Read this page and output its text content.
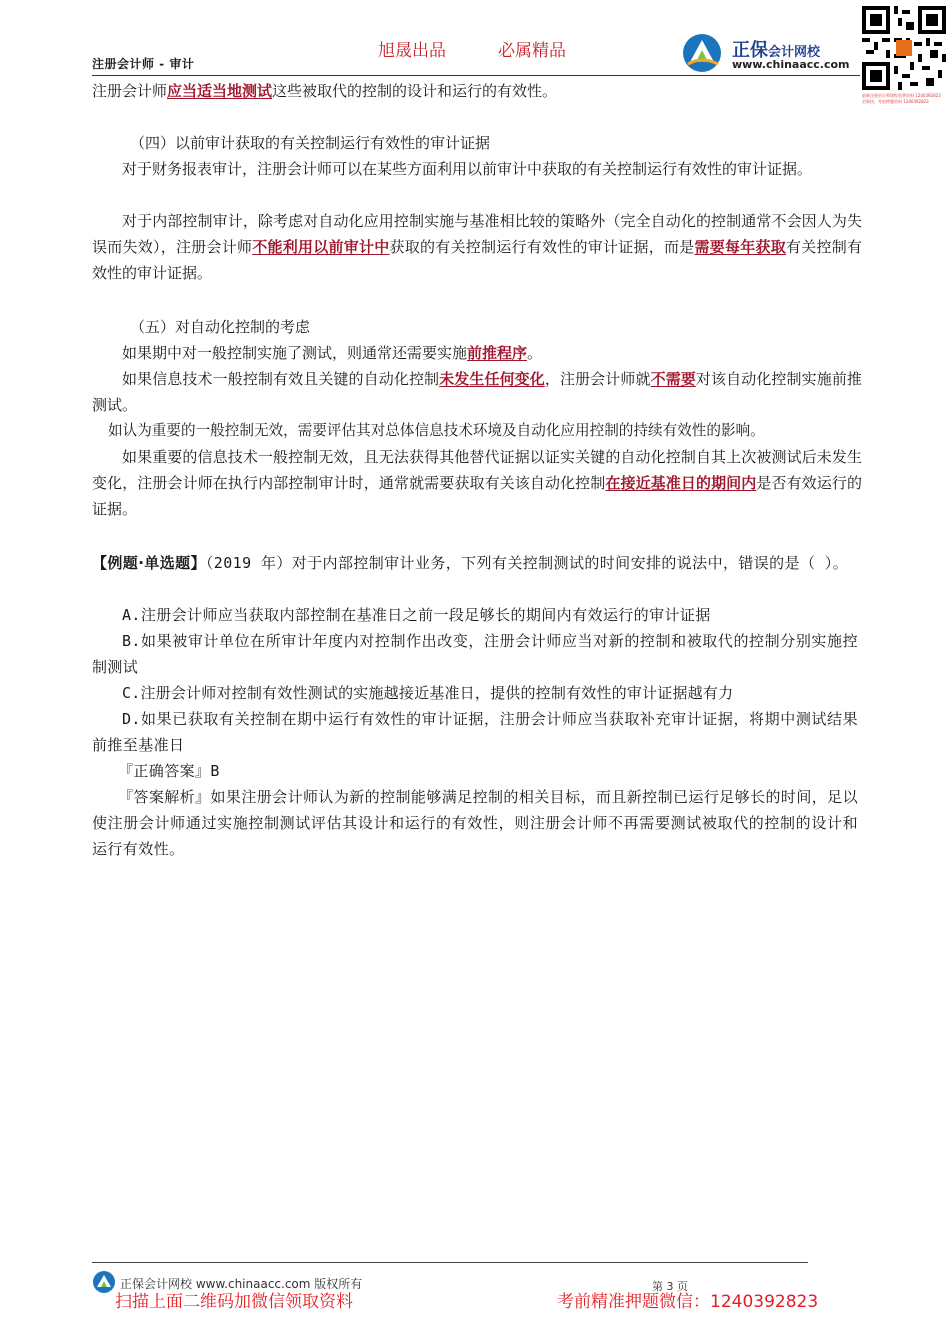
旭晟出品	必属精品
注册会计师 - 审计
正保会计网校
www.chinaacc.com
最新注册会计师课程免费资料 1240392823
更新快，考前押题资料 1240392823
注册会计师应当适当地测试这些被取代的控制的设计和运行的有效性。
（四）以前审计获取的有关控制运行有效性的审计证据
对于财务报表审计，注册会计师可以在某些方面利用以前审计中获取的有关控制运行有效性的审计证据。
对于内部控制审计，除考虑对自动化应用控制实施与基准相比较的策略外（完全自动化的控制通常不会因人为失误而失效），注册会计师不能利用以前审计中获取的有关控制运行有效性的审计证据，而是需要每年获取有关控制有效性的审计证据。
（五）对自动化控制的考虑
如果期中对一般控制实施了测试，则通常还需要实施前推程序。
如果信息技术一般控制有效且关键的自动化控制未发生任何变化，注册会计师就不需要对该自动化控制实施前推测试。
如认为重要的一般控制无效，需要评估其对总体信息技术环境及自动化应用控制的持续有效性的影响。
如果重要的信息技术一般控制无效，且无法获得其他替代证据以证实关键的自动化控制自其上次被测试后未发生变化，注册会计师在执行内部控制审计时，通常就需要获取有关该自动化控制在接近基准日的期间内是否有效运行的证据。
【例题·单选题】（2019 年）对于内部控制审计业务，下列有关控制测试的时间安排的说法中，错误的是（ ）。
A.注册会计师应当获取内部控制在基准日之前一段足够长的期间内有效运行的审计证据
B.如果被审计单位在所审计年度内对控制作出改变，注册会计师应当对新的控制和被取代的控制分别实施控制测试
C.注册会计师对控制有效性测试的实施越接近基准日，提供的控制有效性的审计证据越有力
D.如果已获取有关控制在期中运行有效性的审计证据，注册会计师应当获取补充审计证据，将期中测试结果前推至基准日
『正确答案』B
『答案解析』如果注册会计师认为新的控制能够满足控制的相关目标，而且新控制已运行足够长的时间，足以使注册会计师通过实施控制测试评估其设计和运行的有效性，则注册会计师不再需要测试被取代的控制的设计和运行有效性。
正保会计网校 www.chinaacc.com 版权所有	第 3 页
扫描上面二维码加微信领取资料	考前精准押题微信：1240392823
